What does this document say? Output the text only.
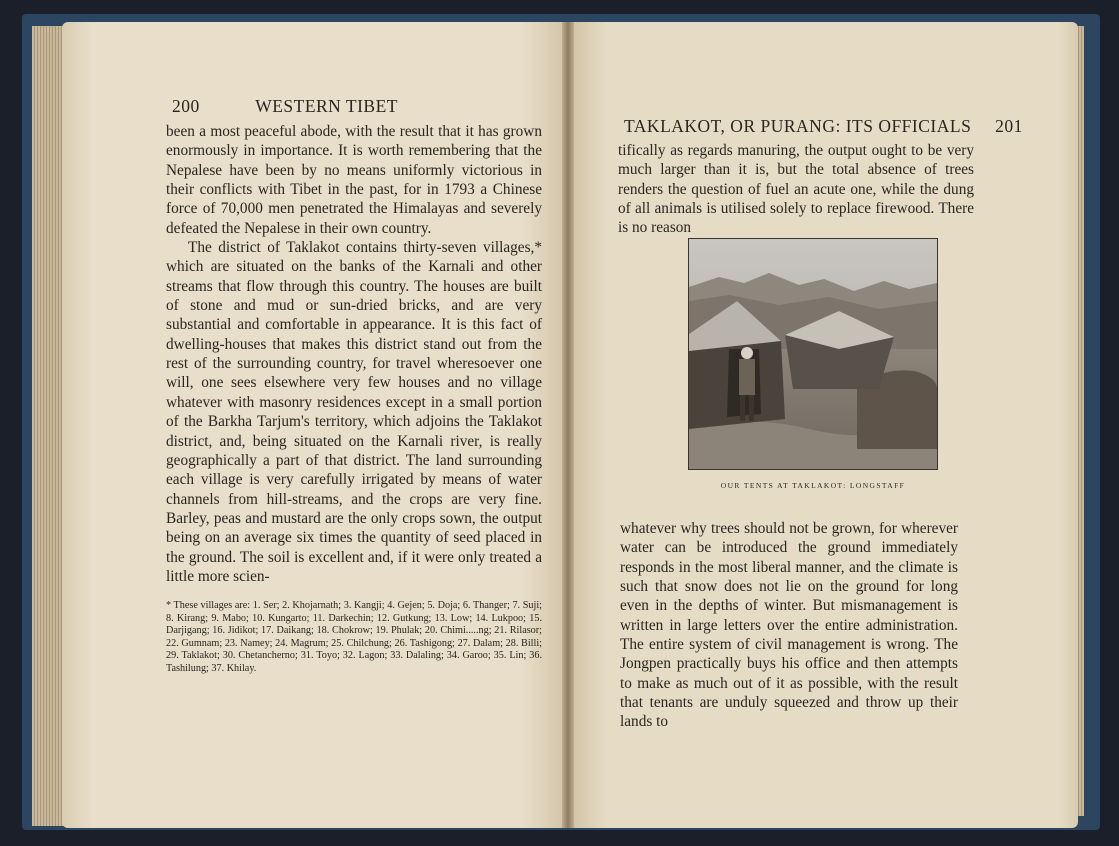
200	WESTERN TIBET

been a most peaceful abode, with the result that it has grown enormously in importance. It is worth remembering that the Nepalese have been by no means uniformly victorious in their conflicts with Tibet in the past, for in 1793 a Chinese force of 70,000 men penetrated the Himalayas and severely defeated the Nepalese in their own country.

The district of Taklakot contains thirty-seven villages,* which are situated on the banks of the Karnali and other streams that flow through this country. The houses are built of stone and mud or sun-dried bricks, and are very substantial and comfortable in appearance. It is this fact of dwelling-houses that makes this district stand out from the rest of the surrounding country, for travel wheresoever one will, one sees elsewhere very few houses and no village whatever with masonry residences except in a small portion of the Barkha Tarjum's territory, which adjoins the Taklakot district, and, being situated on the Karnali river, is really geographically a part of that district. The land surrounding each village is very carefully irrigated by means of water channels from hill-streams, and the crops are very fine. Barley, peas and mustard are the only crops sown, the output being on an average six times the quantity of seed placed in the ground. The soil is excellent and, if it were only treated a little more scien-

* These villages are: 1. Ser; 2. Khojarnath; 3. Kangji; 4. Gejen; 5. Doja; 6. Thanger; 7. Suji; 8. Kirang; 9. Mabo; 10. Kungarto; 11. Darkechin; 12. Gutkung; 13. Low; 14. Lukpoo; 15. Darjigang; 16. Jidikot; 17. Daikang; 18. Chokrow; 19. Phulak; 20. Chimi.....ng; 21. Rilasor; 22. Gumnam; 23. Namey; 24. Magrum; 25. Chilchung; 26. Tashigong; 27. Dalam; 28. Billi; 29. Taklakot; 30. Chetancherno; 31. Toyo; 32. Lagon; 33. Dalaling; 34. Garoo; 35. Lin; 36. Tashilung; 37. Khilay.
TAKLAKOT, OR PURANG: ITS OFFICIALS 201

tifically as regards manuring, the output ought to be very much larger than it is, but the total absence of trees renders the question of fuel an acute one, while the dung of all animals is utilised solely to replace firewood. There is no reason

OUR TENTS AT TAKLAKOT: LONGSTAFF

whatever why trees should not be grown, for wherever water can be introduced the ground immediately responds in the most liberal manner, and the climate is such that snow does not lie on the ground for long even in the depths of winter. But mismanagement is written in large letters over the entire administration. The entire system of civil management is wrong. The Jongpen practically buys his office and then attempts to make as much out of it as possible, with the result that tenants are unduly squeezed and throw up their lands to
